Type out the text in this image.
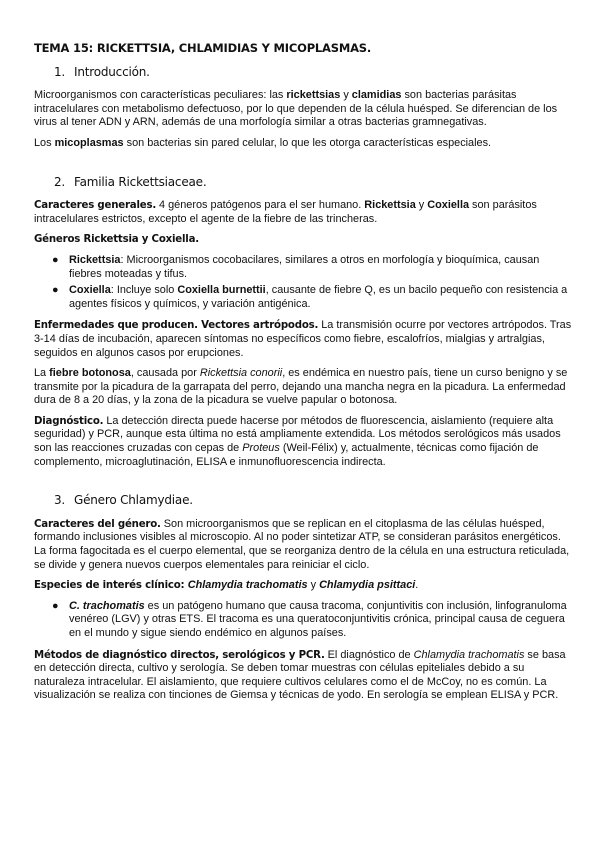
TEMA 15: RICKETTSIA, CHLAMIDIAS Y MICOPLASMAS.
1. Introducción.

Microorganismos con características peculiares: las rickettsias y clamidias son bacterias parásitas intracelulares con metabolismo defectuoso, por lo que dependen de la célula huésped. Se diferencian de los virus al tener ADN y ARN, además de una morfología similar a otras bacterias gramnegativas.

Los micoplasmas son bacterias sin pared celular, lo que les otorga características especiales.

2. Familia Rickettsiaceae.

Caracteres generales. 4 géneros patógenos para el ser humano. Rickettsia y Coxiella son parásitos intracelulares estrictos, excepto el agente de la fiebre de las trincheras.

Géneros Rickettsia y Coxiella.

● Rickettsia: Microorganismos cocobacilares, similares a otros en morfología y bioquímica, causan fiebres moteadas y tifus.
● Coxiella: Incluye solo Coxiella burnettii, causante de fiebre Q, es un bacilo pequeño con resistencia a agentes físicos y químicos, y variación antigénica.

Enfermedades que producen. Vectores artrópodos. La transmisión ocurre por vectores artrópodos. Tras 3-14 días de incubación, aparecen síntomas no específicos como fiebre, escalofríos, mialgias y artralgias, seguidos en algunos casos por erupciones.

La fiebre botonosa, causada por Rickettsia conorii, es endémica en nuestro país, tiene un curso benigno y se transmite por la picadura de la garrapata del perro, dejando una mancha negra en la picadura. La enfermedad dura de 8 a 20 días, y la zona de la picadura se vuelve papular o botonosa.

Diagnóstico. La detección directa puede hacerse por métodos de fluorescencia, aislamiento (requiere alta seguridad) y PCR, aunque esta última no está ampliamente extendida. Los métodos serológicos más usados son las reacciones cruzadas con cepas de Proteus (Weil-Félix) y, actualmente, técnicas como fijación de complemento, microaglutinación, ELISA e inmunofluorescencia indirecta.

3. Género Chlamydiae.

Caracteres del género. Son microorganismos que se replican en el citoplasma de las células huésped, formando inclusiones visibles al microscopio. Al no poder sintetizar ATP, se consideran parásitos energéticos. La forma fagocitada es el cuerpo elemental, que se reorganiza dentro de la célula en una estructura reticulada, se divide y genera nuevos cuerpos elementales para reiniciar el ciclo.

Especies de interés clínico: Chlamydia trachomatis y Chlamydia psittaci.

● C. trachomatis es un patógeno humano que causa tracoma, conjuntivitis con inclusión, linfogranuloma venéreo (LGV) y otras ETS. El tracoma es una queratoconjuntivitis crónica, principal causa de ceguera en el mundo y sigue siendo endémico en algunos países.

Métodos de diagnóstico directos, serológicos y PCR. El diagnóstico de Chlamydia trachomatis se basa en detección directa, cultivo y serología. Se deben tomar muestras con células epiteliales debido a su naturaleza intracelular. El aislamiento, que requiere cultivos celulares como el de McCoy, no es común. La visualización se realiza con tinciones de Giemsa y técnicas de yodo. En serología se emplean ELISA y PCR.
